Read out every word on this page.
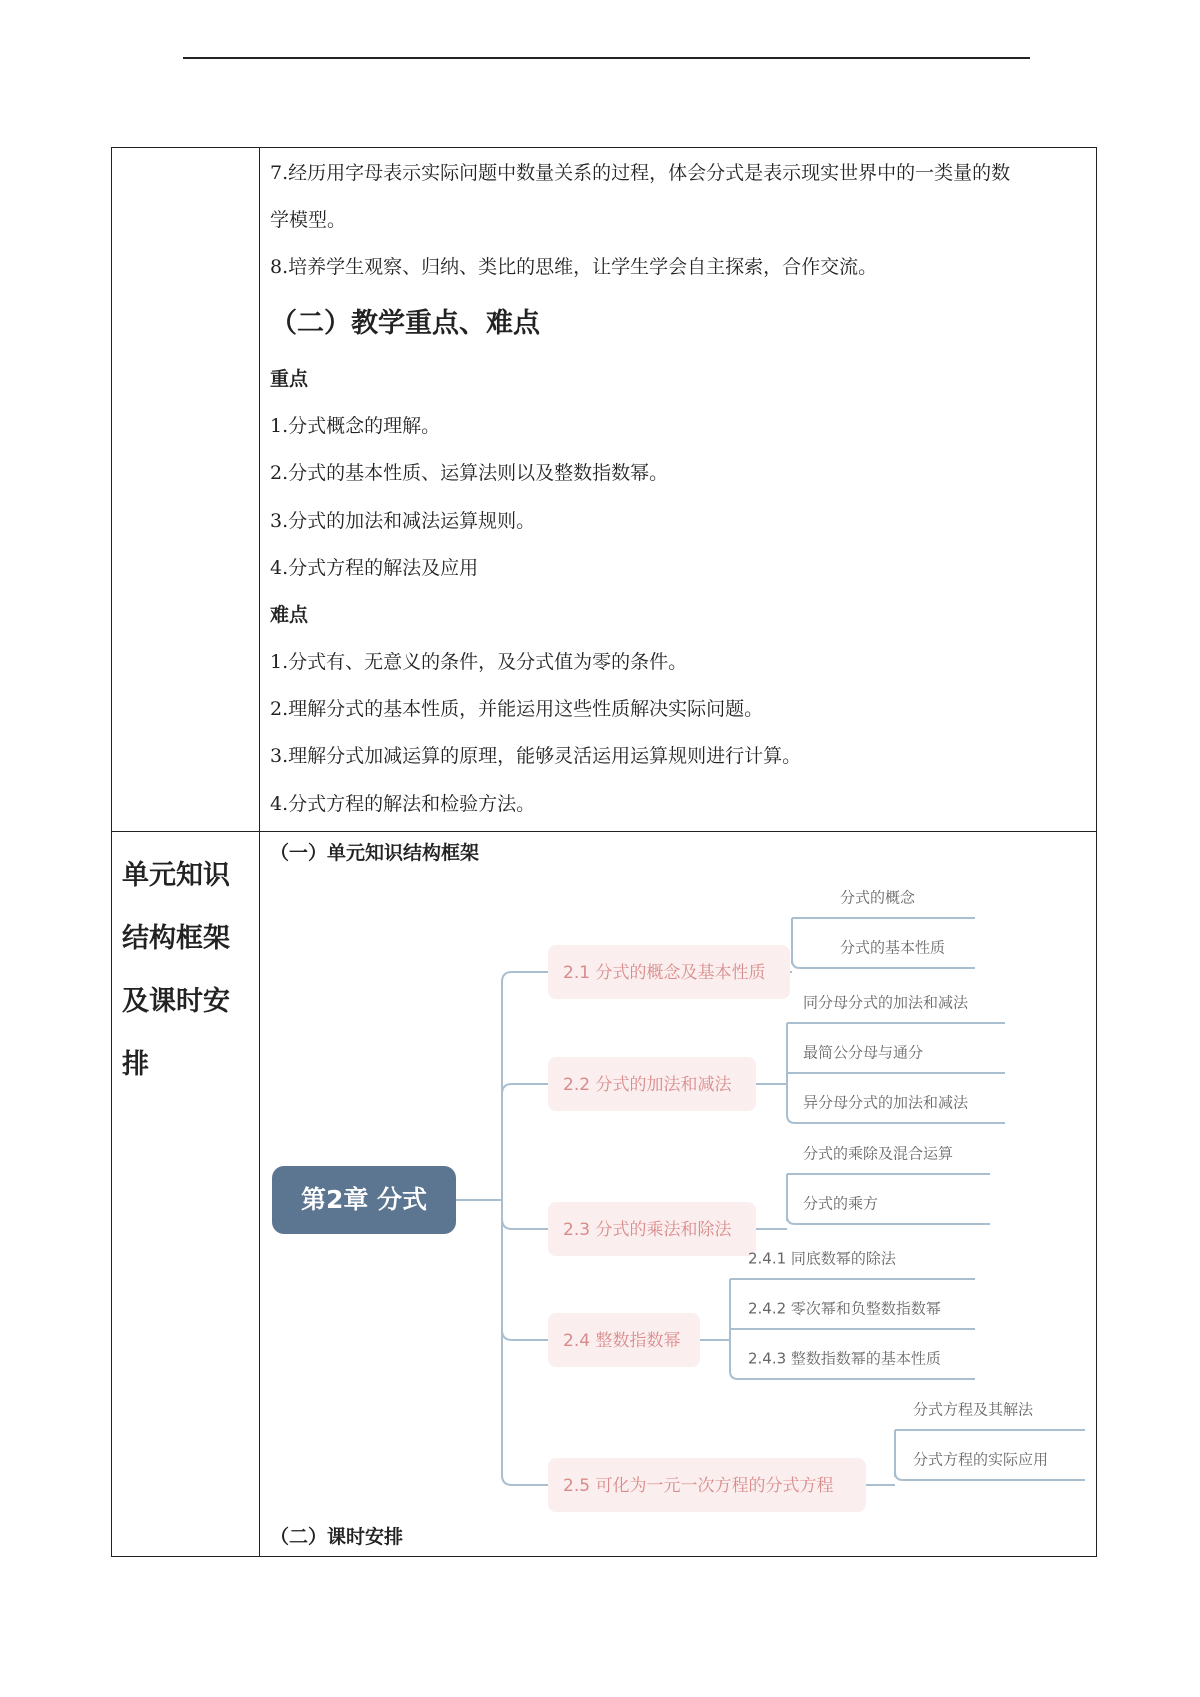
7.经历用字母表示实际问题中数量关系的过程，体会分式是表示现实世界中的一类量的数
学模型。
8.培养学生观察、归纳、类比的思维，让学生学会自主探索，合作交流。
（二）教学重点、难点
重点
1.分式概念的理解。
2.分式的基本性质、运算法则以及整数指数幂。
3.分式的加法和减法运算规则。
4.分式方程的解法及应用
难点
1.分式有、无意义的条件，及分式值为零的条件。
2.理解分式的基本性质，并能运用这些性质解决实际问题。
3.理解分式加减运算的原理，能够灵活运用运算规则进行计算。
4.分式方程的解法和检验方法。
单元知识
结构框架
及课时安
排
（一）单元知识结构框架
（二）课时安排
第2章 分式
2.1 分式的概念及基本性质
分式的概念
分式的基本性质
2.2 分式的加法和减法
同分母分式的加法和减法
最简公分母与通分
异分母分式的加法和减法
2.3 分式的乘法和除法
分式的乘除及混合运算
分式的乘方
2.4 整数指数幂
2.4.1 同底数幂的除法
2.4.2 零次幂和负整数指数幂
2.4.3 整数指数幂的基本性质
2.5 可化为一元一次方程的分式方程
分式方程及其解法
分式方程的实际应用
